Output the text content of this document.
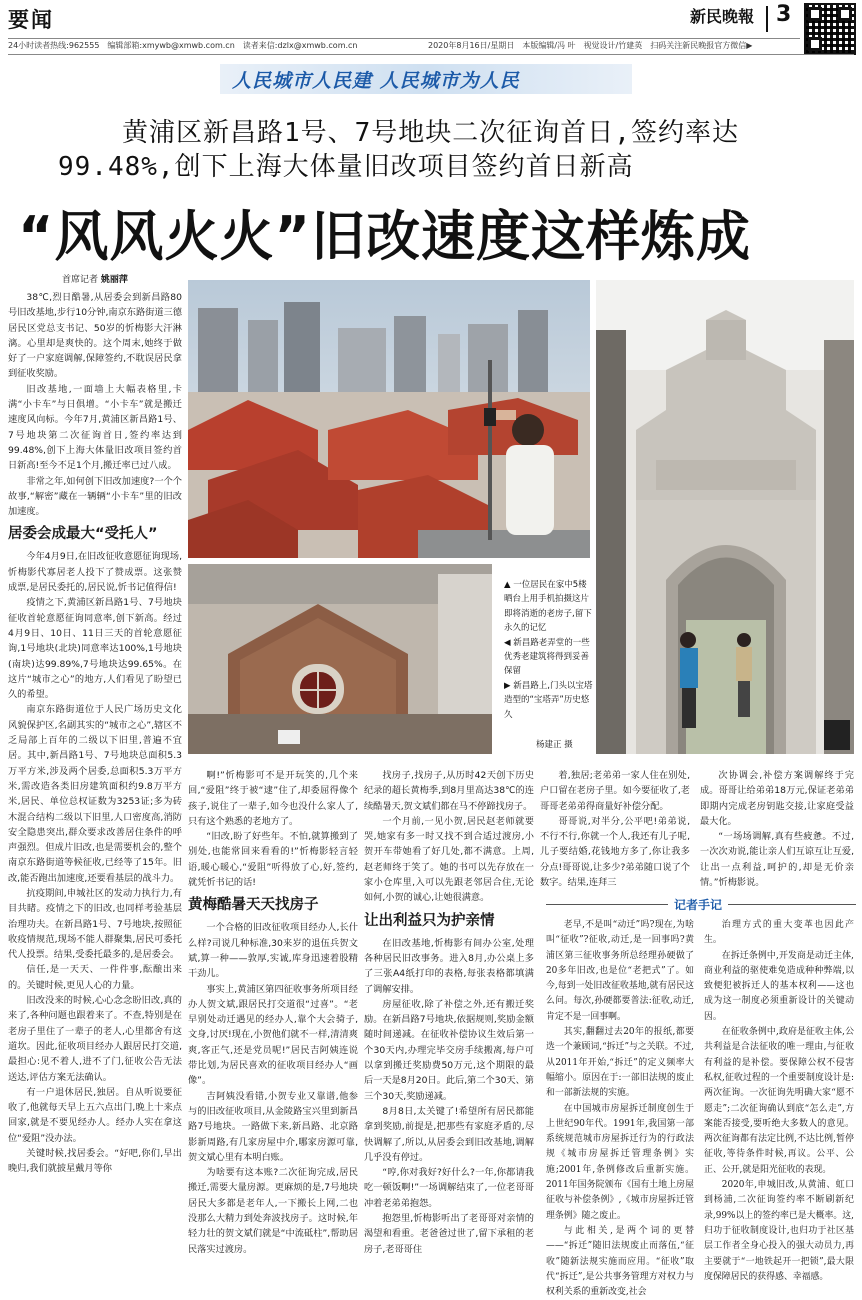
要闻	新民晚報 3
24小时读者热线:962555　编辑部箱:xmywb@xmwb.com.cn　读者来信:dzlx@xmwb.com.cn	2020年8月16日/星期日　本版编辑/冯 叶　视觉设计/竹建英　扫码关注新民晚报官方微信▶
人民城市人民建 人民城市为人民
黄浦区新昌路1号、7号地块二次征询首日,签约率达
99.48%,创下上海大体量旧改项目签约首日新高
“风风火火”旧改速度这样炼成
首席记者 姚丽萍

38℃,烈日酷暑,从居委会到新昌路80号旧改基地,步行10分钟,南京东路街道三德居民区党总支书记、50岁的忻梅影大汗淋漓。心里却是爽快的。这个周末,她终于做好了一户家庭调解,保障签约,不耽误居民拿到征收奖励。

旧改基地,一面墙上大幅表格里,卡满“小卡车”与日俱增。“小卡车”就是搬迁速度风向标。今年7月,黄浦区新昌路1号、7号地块第二次征询首日,签约率达到99.48%,创下上海大体量旧改项目签约首日新高!至今不足1个月,搬迁率已过八成。

非常之年,如何创下旧改加速度?一个个故事,“解密”藏在一辆辆“小卡车”里的旧改加速度。

居委会成最大“受托人”

今年4月9日,在旧改征收意愿征询现场,忻梅影代寡居老人投下了赞成票。这张赞成票,是居民委托的,居民说,忻书记值得信!

疫情之下,黄浦区新昌路1号、7号地块征收首轮意愿征询同意率,创下新高。经过4月9日、10日、11日三天的首轮意愿征询,1号地块(北块)同意率达100%,1号地块(南块)达99.89%,7号地块达99.65%。在这片“城市之心”的地方,人们看见了盼望已久的希望。

南京东路街道位于人民广场历史文化风貌保护区,名副其实的“城市之心”,辖区不乏局部上百年的二级以下旧里,普遍不宜居。其中,新昌路1号、7号地块总面积5.3万平方米,涉及两个居委,总面积5.3万平方米,需改造各类旧房建筑面积约9.8万平方米,居民、单位总权证数为3253证;多为砖木混合结构二级以下旧里,人口密度高,消防安全隐患突出,群众要求改善居住条件的呼声强烈。但成片旧改,也是需要机会的,整个南京东路街道等候征收,已经等了15年。旧改,能否跑出加速度,还要看基层的战斗力。

抗疫期间,申城社区的发动力执行力,有目共睹。疫情之下的旧改,也同样考验基层治理功夫。在新昌路1号、7号地块,按照征收疫情规范,现场不能人群聚集,居民可委托代人投票。结果,受委托最多的,是居委会。

信任,是一天天、一件件事,酝酿出来的。关键时候,更见人心的力量。

旧改没来的时候,心心念念盼旧改,真的来了,各种问题也跟着来了。不查,特别是在老房子里住了一辈子的老人,心里都舍有这道坎。因此,征收项目经办人跟居民打交道,最担心:见不着人,进不了门,征收公告无法送达,评估方案无法确认。

有一户退休居民,独居。自从听说要征收了,他就每天早上五六点出门,晚上十来点回家,就是不要见经办人。经办人实在拿这位“爱阻”没办法。

关键时候,找居委会。“好吧,你们,早出晚归,我们就披星戴月等你

▲ 一位居民在家中5楼晒台上用手机拍摄这片即将消逝的老房子,留下永久的记忆
◀ 新昌路老弄堂的一些优秀老建筑将得到妥善保留
▶ 新昌路上,门头以宝塔造型的“宝塔弄”历史悠久
杨建正 摄

啊!”忻梅影可不是开玩笑的,几个来回,“爱阻”终于被“逮”住了,却委屈得像个孩子,说住了一辈子,如今也没什么家人了,只有这个熟悉的老地方了。

“旧改,盼了好些年。不怕,就算搬到了别处,也能常回来看看的!”忻梅影轻言轻语,暖心暖心,“爱阻”听得放了心,好,签约,就凭忻书记的话!

黄梅酷暑天天找房子

一个合格的旧改征收项目经办人,长什么样?司说几种标准,30来岁的退伍兵贺文斌,算一种——敦厚,实诚,库身迅速着股精干劲儿。

事实上,黄浦区第四征收事务所项目经办人贺文斌,跟居民打交道很“过喜”。“老早别处动迁遇见的经办人,靠个大会骑子,文身,讨厌!现在,小贺他们就不一样,清清爽爽,客正气,还是党员呢!”居民吉阿姨连说带比划,为居民喜欢的征收项目经办人“画像”。

吉阿姨没看错,小贺专业又靠谱,他参与的旧改征收项目,从金陵路宝兴里到新昌路7号地块。一路做下来,新昌路、北京路影新周路,有几家房屋中介,哪家房源可靠,贺文斌心里有本明白账。

为啥要有这本账?二次征询完成,居民搬迁,需要大量房源。更麻烦的是,7号地块居民大多都是老年人,一下搬长上网,二也没那么大精力到处奔波找房子。这时候,年轻力壮的贺文斌们就是“中流砥柱”,帮助居民落实过渡房。

找房子,找房子,从历时42天创下历史纪录的超长黄梅季,到8月里高达38℃的连续酷暑天,贺文斌们都在马不停蹄找房子。

一个月前,一见小贺,居民赵老师就要哭,她家有多一时又找不到合适过渡房,小贺开车带她看了好几处,都不满意。上周,赵老师终于笑了。她的书可以先存放在一家小仓库里,入可以先跟老邻居合住,无论如何,小贺的诚心,让她很满意。

让出利益只为护亲情

在旧改基地,忻梅影有间办公室,处理各种居民旧改事务。进入8月,办公桌上多了三张A4纸打印的表格,每张表格都填满了调解安排。

房屋征收,除了补偿之外,还有搬迁奖励。在新昌路7号地块,依据规则,奖励金额随时间递减。在征收补偿协议生效后第一个30天内,办理完毕交房手续搬离,每户可以拿到搬迁奖励费50万元,这个期限的最后一天是8月20日。此后,第二个30天、第三个30天,奖励递减。

8月8日,太关键了!希望所有居民都能拿到奖励,前提是,把那些有家庭矛盾的,尽快调解了,所以,从居委会到旧改基地,调解几乎没有停过。

“哼,你对我好?好什么?一年,你都请我吃一顿饭啊!”一场调解结束了,一位老哥哥冲着老弟弟抱怨。

抱怨里,忻梅影听出了老哥哥对亲情的渴望和看重。老爸爸过世了,留下承租的老房子,老哥哥住

着,独居;老弟弟一家人住在别处,户口留在老房子里。如今要征收了,老哥哥老弟弟得商量好补偿分配。

哥哥说,对半分,公平吧!弟弟说,不行不行,你就一个人,我还有儿子呢,儿子要结婚,花钱地方多了,你让我多分点!哥哥说,让多少?弟弟随口说了个数字。结果,连拜三

次协调会,补偿方案调解终于完成。哥哥让给弟弟18万元,保证老弟弟即期内完成老房钥匙交接,让家庭受益最大化。

“一场场调解,真有些疲惫。不过,一次次劝说,能让亲人们互谅互让互爱,让出一点利益,呵护的,却是无价亲情。”忻梅影说。

记者手记

老早,不是叫“动迁”吗?现在,为啥叫“征收”?征收,动迁,是一回事吗?黄浦区第三征收事务所总经理孙硬做了20多年旧改,也是位“老把式”了。如今,每到一处旧改征收基地,就有居民这么问。每次,孙硬都要普法:征收,动迁,肯定不是一回事啊。

其实,翻翻过去20年的报纸,都要选一个兼顾词,“拆迁”与之关联。不过,从2011年开始,“拆迁”的定义频率大幅缩小。原因在于:一部旧法规的废止和一部新法规的实施。

在中国城市房屋拆迁制度创生于上世纪90年代。1991年,我国第一部系统规范城市房屋拆迁行为的行政法规《城市房屋拆迁管理条例》实施;2001年,条例修改后重新实施。2011年国务院颁布《国有土地上房屋征收与补偿条例》,《城市房屋拆迁管理条例》随之废止。

与此相关,是两个词的更替——“拆迁”随旧法规废止而落伍,“征收”随新法规实施而应用。“征收”取代“拆迁”,是公共事务管理方对权力与权利关系的重新改变,社会

治理方式的重大变革也因此产生。

在拆迁条例中,开发商是动迁主体,商业利益的驱使难免造成种种弊端,以致便犯被拆迁人的基本权利——这也成为这一制度必须重新设计的关键动因。

在征收条例中,政府是征收主体,公共利益是合法征收的唯一理由,与征收有利益的是补偿。要保障公权不侵害私权,征收过程的一个重要制度设计是:两次征询。一次征询先明确大家“愿不愿走”;二次征询确认到底“怎么走”,方案能否接受,要听绝大多数人的意见。两次征询都有法定比例,不达比例,暂停征收,等待条件时候,再议。公平、公正、公开,就是阳光征收的表现。

2020年,申城旧改,从黄浦、虹口到杨浦,二次征询签约率不断刷新纪录,99%以上的签约率已是大概率。这,归功于征收制度设计,也归功于社区基层工作者全身心投入的强大动员力,再主要就于“一地铁起开一把锁”,最大限度保障居民的获得感、幸福感。
